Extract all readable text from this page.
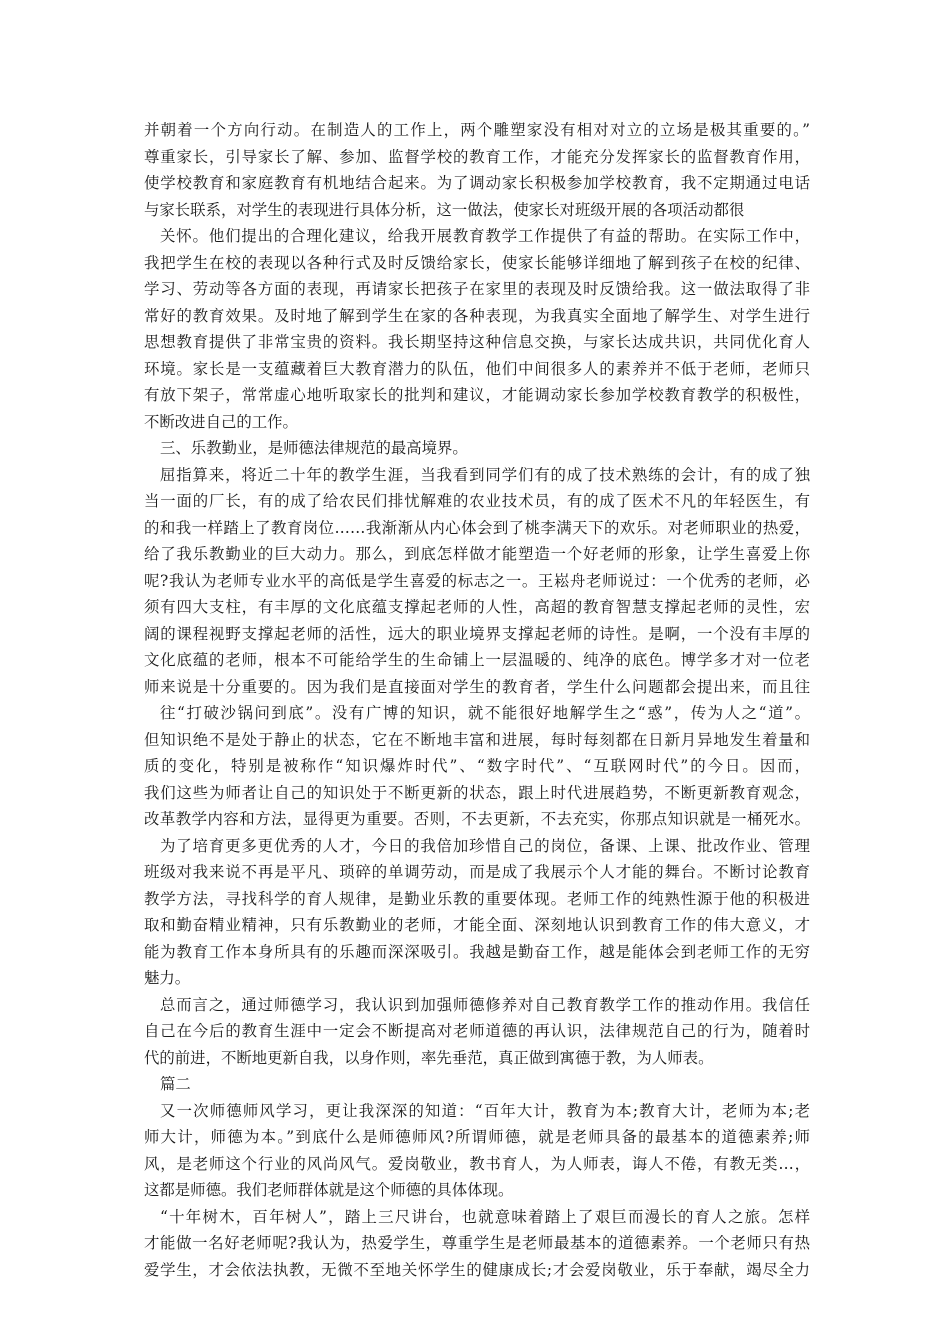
并朝着一个方向行动。在制造人的工作上，两个雕塑家没有相对对立的立场是极其重要的。”
尊重家长，引导家长了解、参加、监督学校的教育工作，才能充分发挥家长的监督教育作用，
使学校教育和家庭教育有机地结合起来。为了调动家长积极参加学校教育，我不定期通过电话
与家长联系，对学生的表现进行具体分析，这一做法，使家长对班级开展的各项活动都很
关怀。他们提出的合理化建议，给我开展教育教学工作提供了有益的帮助。在实际工作中，
我把学生在校的表现以各种行式及时反馈给家长，使家长能够详细地了解到孩子在校的纪律、
学习、劳动等各方面的表现，再请家长把孩子在家里的表现及时反馈给我。这一做法取得了非
常好的教育效果。及时地了解到学生在家的各种表现，为我真实全面地了解学生、对学生进行
思想教育提供了非常宝贵的资料。我长期坚持这种信息交换，与家长达成共识，共同优化育人
环境。家长是一支蕴藏着巨大教育潜力的队伍，他们中间很多人的素养并不低于老师，老师只
有放下架子，常常虚心地听取家长的批判和建议，才能调动家长参加学校教育教学的积极性，
不断改进自己的工作。
三、乐教勤业，是师德法律规范的最高境界。
屈指算来，将近二十年的教学生涯，当我看到同学们有的成了技术熟练的会计，有的成了独
当一面的厂长，有的成了给农民们排忧解难的农业技术员，有的成了医术不凡的年轻医生，有
的和我一样踏上了教育岗位……我渐渐从内心体会到了桃李满天下的欢乐。对老师职业的热爱，
给了我乐教勤业的巨大动力。那么，到底怎样做才能塑造一个好老师的形象，让学生喜爱上你
呢?我认为老师专业水平的高低是学生喜爱的标志之一。王崧舟老师说过：一个优秀的老师，必
须有四大支柱，有丰厚的文化底蕴支撑起老师的人性，高超的教育智慧支撑起老师的灵性，宏
阔的课程视野支撑起老师的活性，远大的职业境界支撑起老师的诗性。是啊，一个没有丰厚的
文化底蕴的老师，根本不可能给学生的生命铺上一层温暖的、纯净的底色。博学多才对一位老
师来说是十分重要的。因为我们是直接面对学生的教育者，学生什么问题都会提出来，而且往
往“打破沙锅问到底”。没有广博的知识，就不能很好地解学生之“惑”，传为人之“道”。
但知识绝不是处于静止的状态，它在不断地丰富和进展，每时每刻都在日新月异地发生着量和
质的变化，特别是被称作“知识爆炸时代”、“数字时代”、“互联网时代”的今日。因而，
我们这些为师者让自己的知识处于不断更新的状态，跟上时代进展趋势，不断更新教育观念，
改革教学内容和方法，显得更为重要。否则，不去更新，不去充实，你那点知识就是一桶死水。
为了培育更多更优秀的人才，今日的我倍加珍惜自己的岗位，备课、上课、批改作业、管理
班级对我来说不再是平凡、琐碎的单调劳动，而是成了我展示个人才能的舞台。不断讨论教育
教学方法，寻找科学的育人规律，是勤业乐教的重要体现。老师工作的纯熟性源于他的积极进
取和勤奋精业精神，只有乐教勤业的老师，才能全面、深刻地认识到教育工作的伟大意义，才
能为教育工作本身所具有的乐趣而深深吸引。我越是勤奋工作，越是能体会到老师工作的无穷
魅力。
总而言之，通过师德学习，我认识到加强师德修养对自己教育教学工作的推动作用。我信任
自己在今后的教育生涯中一定会不断提高对老师道德的再认识，法律规范自己的行为，随着时
代的前进，不断地更新自我，以身作则，率先垂范，真正做到寓德于教，为人师表。
篇二
又一次师德师风学习，更让我深深的知道：“百年大计，教育为本;教育大计，老师为本;老
师大计，师德为本。”到底什么是师德师风?所谓师德，就是老师具备的最基本的道德素养;师
风，是老师这个行业的风尚风气。爱岗敬业，教书育人，为人师表，诲人不倦，有教无类…，
这都是师德。我们老师群体就是这个师德的具体体现。
“十年树木，百年树人”，踏上三尺讲台，也就意味着踏上了艰巨而漫长的育人之旅。怎样
才能做一名好老师呢?我认为，热爱学生，尊重学生是老师最基本的道德素养。一个老师只有热
爱学生，才会依法执教，无微不至地关怀学生的健康成长;才会爱岗敬业，乐于奉献，竭尽全力
